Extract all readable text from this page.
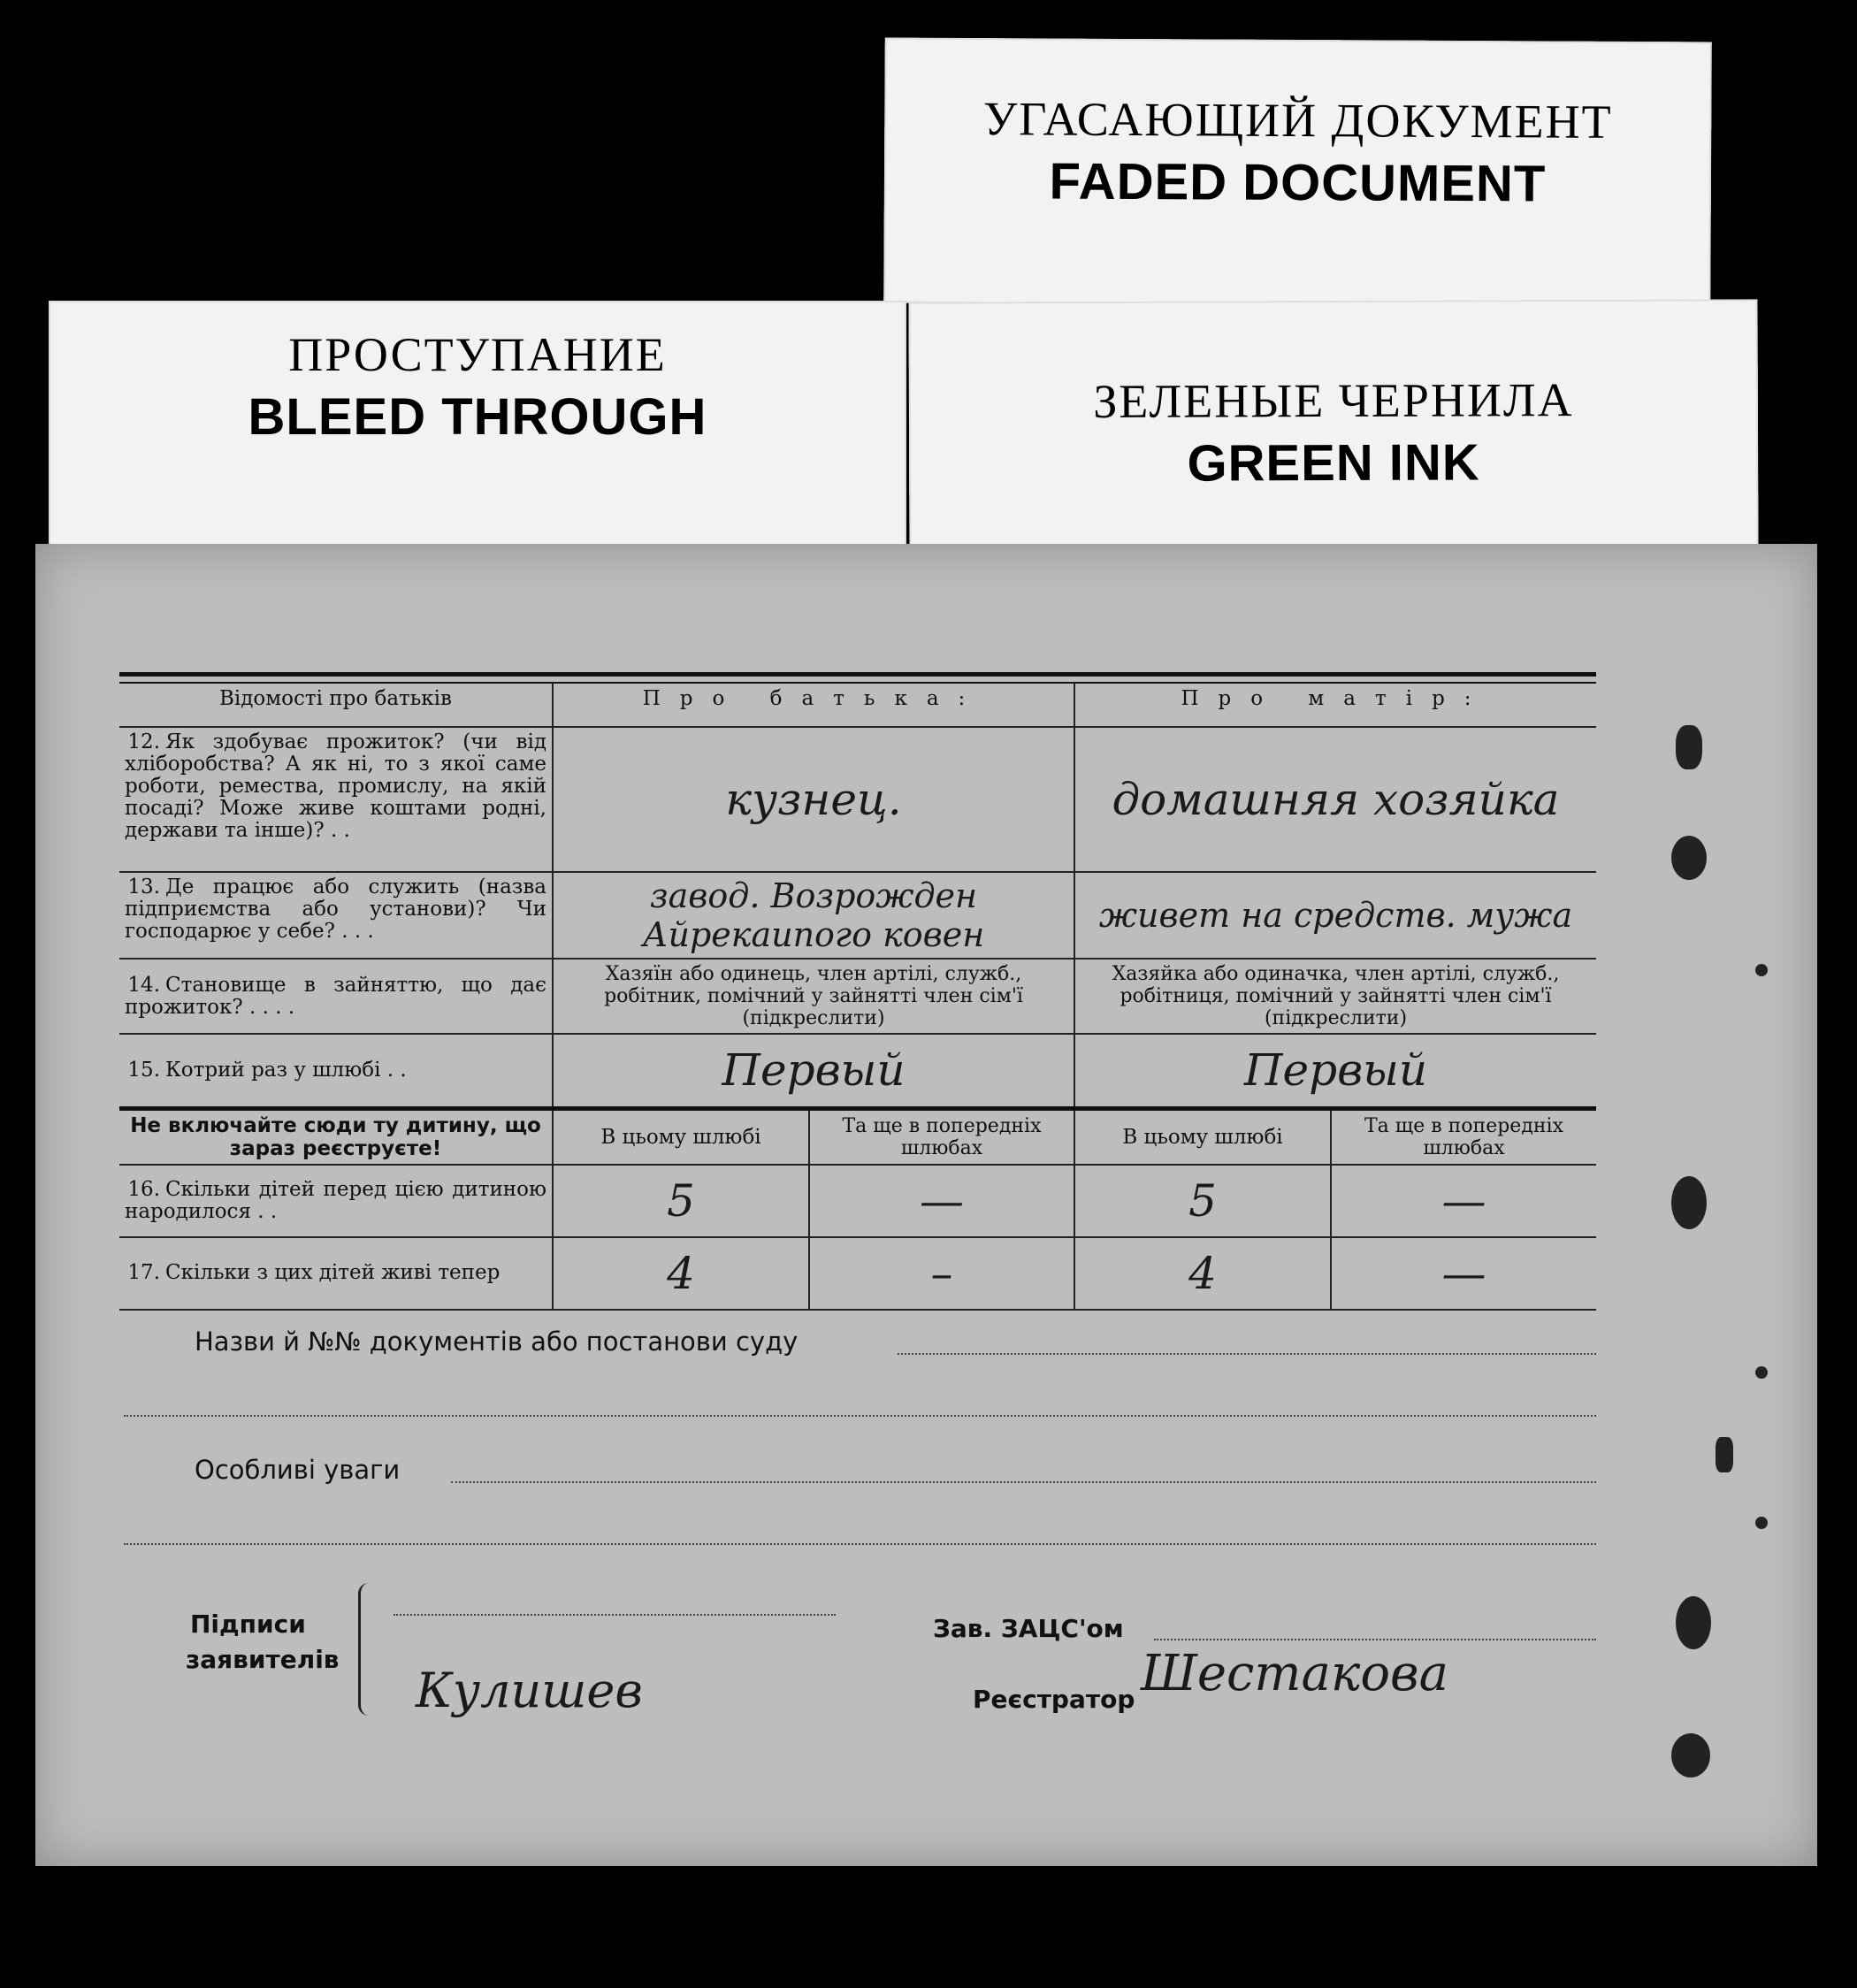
УГАСАЮЩИЙ ДОКУМЕНТ
FADED DOCUMENT
ПРОСТУПАНИЕ
BLEED THROUGH	ЗЕЛЕНЫЕ ЧЕРНИЛА
GREEN INK
Відомості про батьків	Про батька:		Про матір:	
12. Як здобуває прожиток? (чи від хліборобства? А як ні, то з якої саме роботи, ремества, промислу, на якій посаді? Може живе коштами родні, держави та інше)? . .	кузнец.		домашняя хозяйка	
13. Де працює або служить (назва підприємства або установи)? Чи господарює у себе? . . .	завод. Возрожден Айрекаипого ковен		живет на средств. мужа	
14. Становище в зайняттю, що дає прожиток? . . . .	Хазяїн або одинець, член артілі, служб., робітник, помічний у зайнятті член сім'ї (підкреслити)		Хазяйка або одиначка, член артілі, служб., робітниця, помічний у зайнятті член сім'ї (підкреслити)	
15. Котрий раз у шлюбі . .	Первый		Первый	
Не включайте сюди ту дитину, що зараз реєструєте!	В цьому шлюбі	Та ще в попередніх шлюбах	В цьому шлюбі	Та ще в попередніх шлюбах
16. Скільки дітей перед цією дитиною народилося . .	5	—	5	—
17. Скільки з цих дітей живі тепер	4	–	4	—
Назви й №№ документів або постанови суду
Особливі уваги
Підписи
заявителів
Кулишев
Зав. ЗАЦС'ом
Реєстратор Шестакова
